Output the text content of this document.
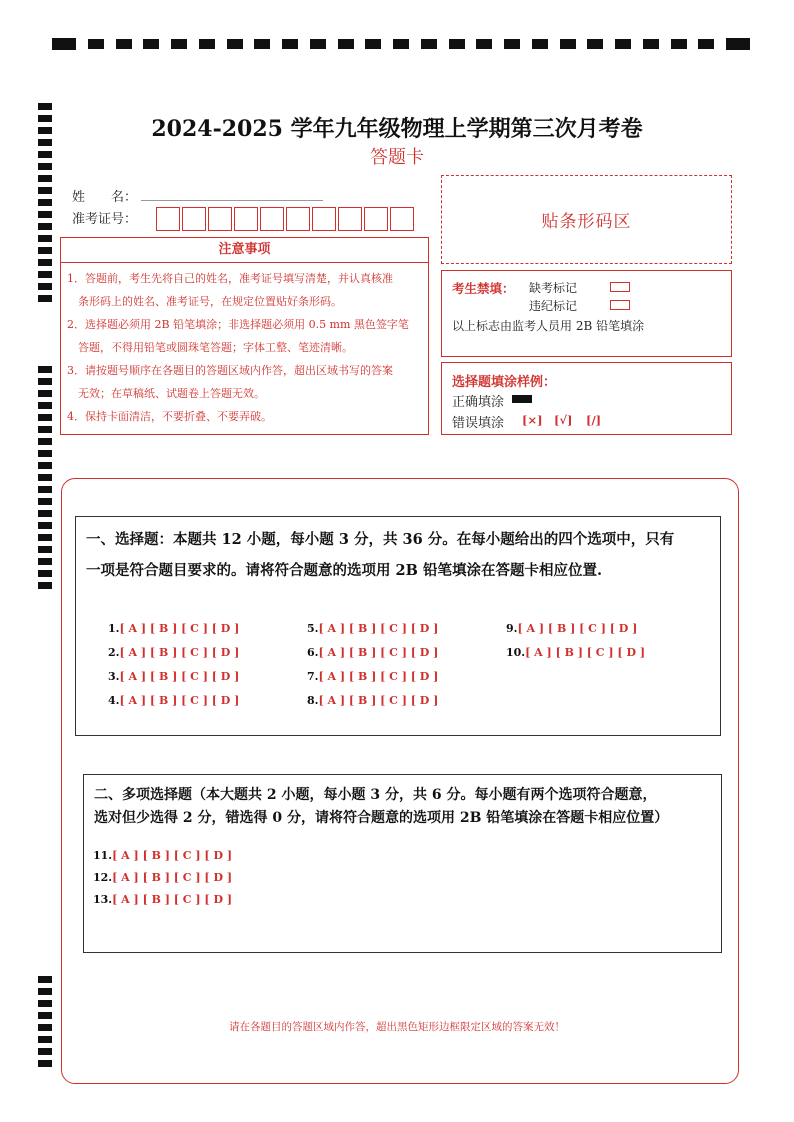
2024-2025 学年九年级物理上学期第三次月考卷
答题卡
姓　　名：
准考证号：
注意事项

1．答题前，考生先将自己的姓名，准考证号填写清楚，并认真核准

　条形码上的姓名、准考证号，在规定位置贴好条形码。

2．选择题必须用 2B 铅笔填涂；非选择题必须用 0.5 mm 黑色签字笔

　答题，不得用铅笔或圆珠笔答题；字体工整、笔迹清晰。

3．请按题号顺序在各题目的答题区域内作答，超出区域书写的答案

　无效；在草稿纸、试题卷上答题无效。

4．保持卡面清洁，不要折叠、不要弄破。

贴条形码区
考生禁填： 缺考标记
违纪标记
以上标志由监考人员用 2B 铅笔填涂
选择题填涂样例：
正确填涂
错误填涂 [×] [√] [/]
一、选择题：本题共 12 小题，每小题 3 分，共 36 分。在每小题给出的四个选项中，只有
一项是符合题目要求的。请将符合题意的选项用 2B 铅笔填涂在答题卡相应位置.
1.[ A ] [ B ] [ C ] [ D ]
2.[ A ] [ B ] [ C ] [ D ]
3.[ A ] [ B ] [ C ] [ D ]
4.[ A ] [ B ] [ C ] [ D ]
5.[ A ] [ B ] [ C ] [ D ]
6.[ A ] [ B ] [ C ] [ D ]
7.[ A ] [ B ] [ C ] [ D ]
8.[ A ] [ B ] [ C ] [ D ]
9.[ A ] [ B ] [ C ] [ D ]
10.[ A ] [ B ] [ C ] [ D ]
二、多项选择题（本大题共 2 小题，每小题 3 分，共 6 分。每小题有两个选项符合题意，
选对但少选得 2 分，错选得 0 分，请将符合题意的选项用 2B 铅笔填涂在答题卡相应位置）
11.[ A ] [ B ] [ C ] [ D ]
12.[ A ] [ B ] [ C ] [ D ]
13.[ A ] [ B ] [ C ] [ D ]
请在各题目的答题区域内作答，超出黑色矩形边框限定区域的答案无效！
